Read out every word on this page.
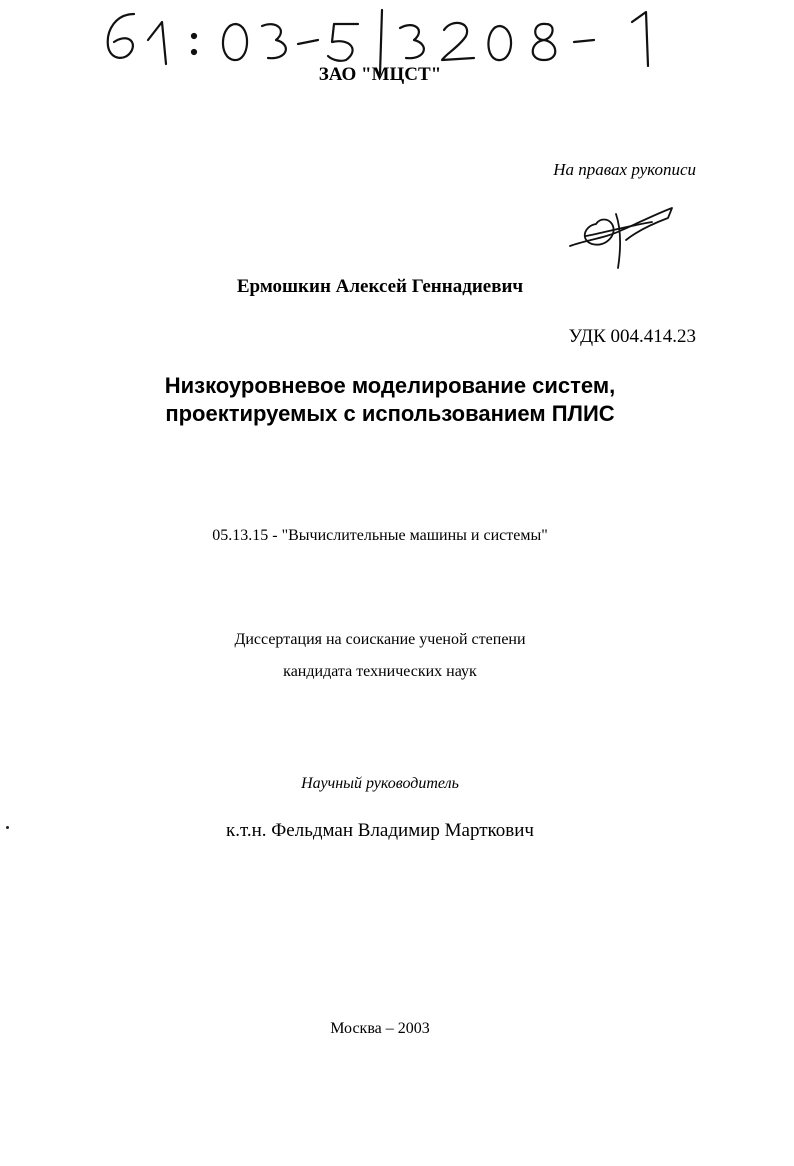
ЗАО "МЦСТ"
На правах рукописи
Ермошкин Алексей Геннадиевич
УДК 004.414.23
Низкоуровневое моделирование систем,
проектируемых с использованием ПЛИС
05.13.15 - "Вычислительные машины и системы"
Диссертация на соискание ученой степени
кандидата технических наук
Научный руководитель
к.т.н. Фельдман Владимир Марткович
Москва – 2003
